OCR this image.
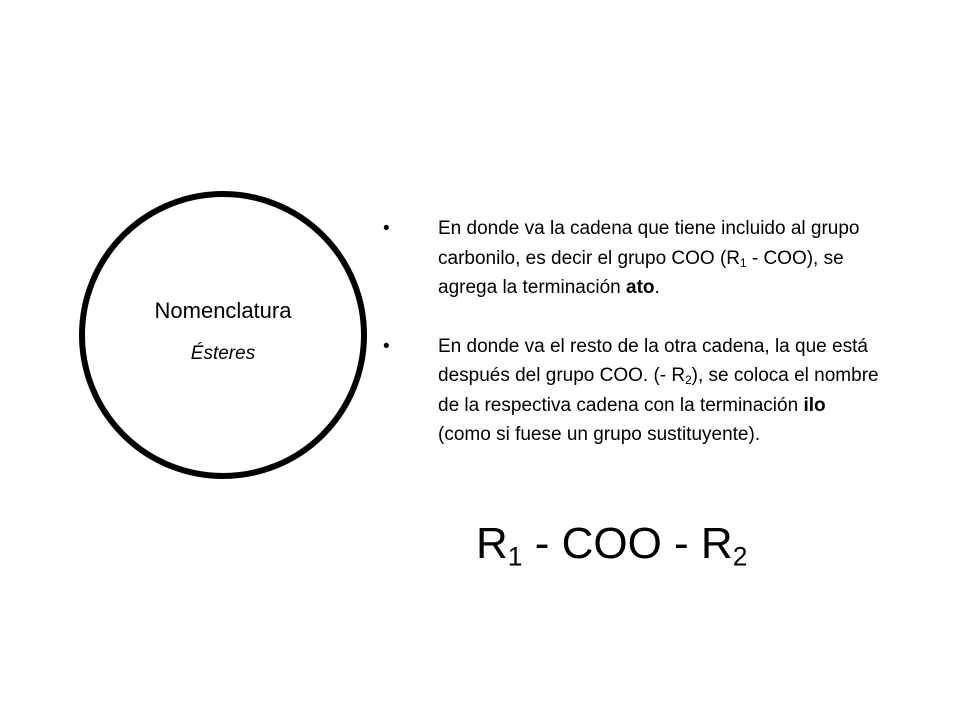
Nomenclatura
Ésteres
•	En donde va la cadena que tiene incluido al grupo carbonilo, es decir el grupo COO $(R_1 - COO)$, se agrega la terminación ato.
•	En donde va el resto de la otra cadena, la que está después del grupo COO. (- $R_2$), se coloca el nombre de la respectiva cadena con la terminación ilo (como si fuese un grupo sustituyente).
$R_1$ - COO - $R_2$
